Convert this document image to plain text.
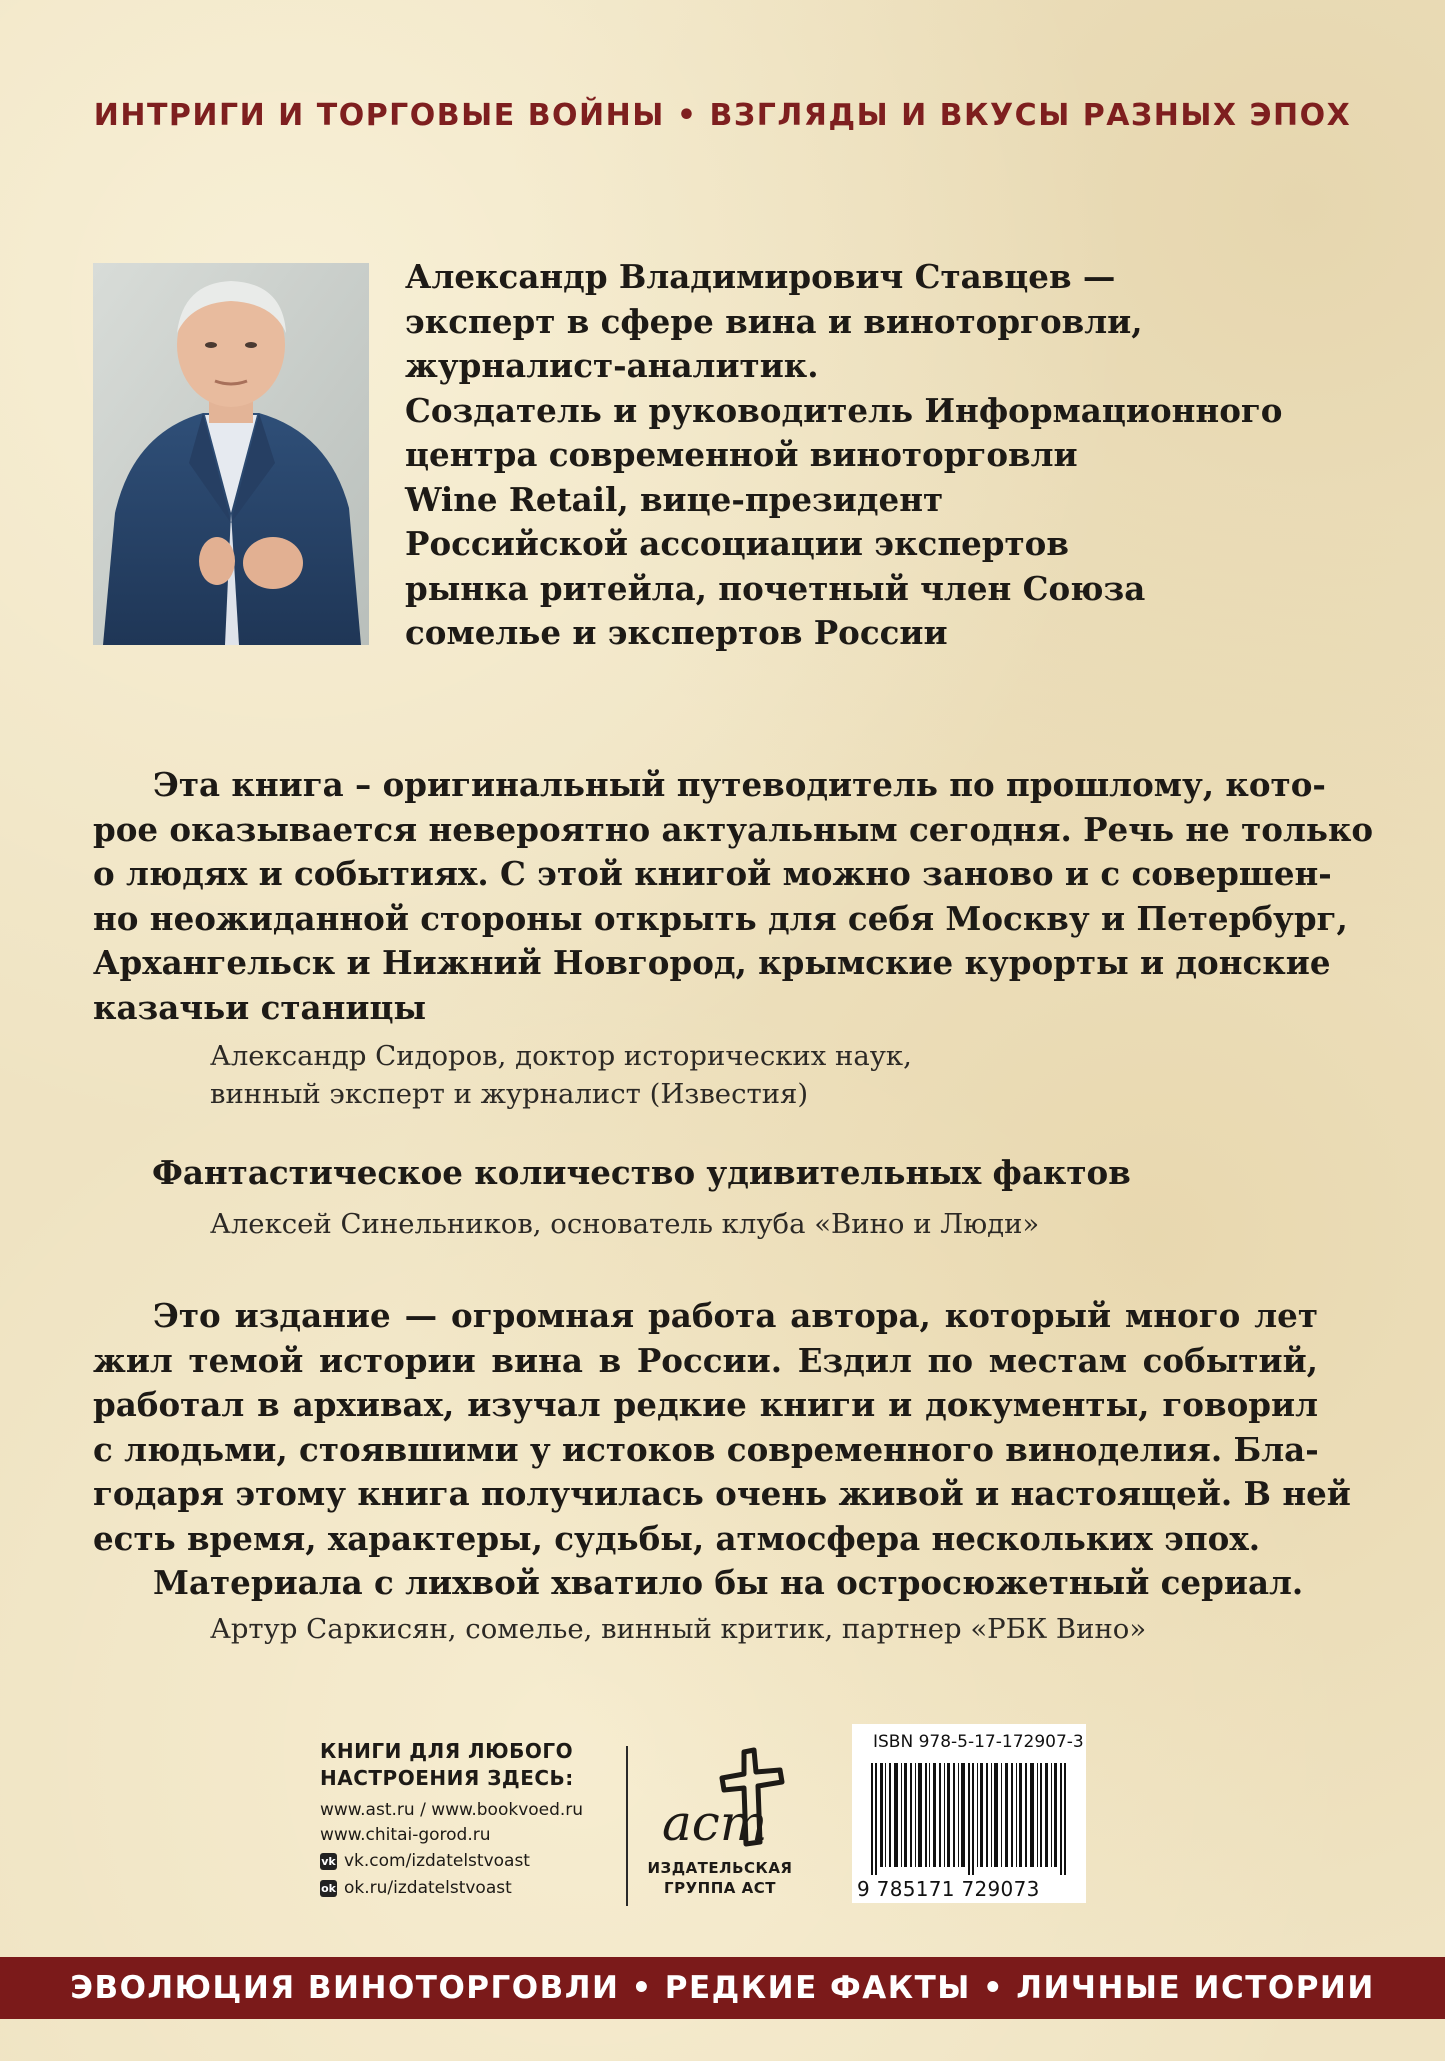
ИНТРИГИ И ТОРГОВЫЕ ВОЙНЫ • ВЗГЛЯДЫ И ВКУСЫ РАЗНЫХ ЭПОХ
Александр Владимирович Ставцев —
эксперт в сфере вина и виноторговли,
журналист-аналитик.
Создатель и руководитель Информационного
центра современной виноторговли
Wine Retail, вице-президент
Российской ассоциации экспертов
рынка ритейла, почетный член Союза
сомелье и экспертов России
Эта книга – оригинальный путеводитель по прошлому, кото-
рое оказывается невероятно актуальным сегодня. Речь не только
о людях и событиях. С этой книгой можно заново и с совершен-
но неожиданной стороны открыть для себя Москву и Петербург,
Архангельск и Нижний Новгород, крымские курорты и донские
казачьи станицы
Александр Сидоров, доктор исторических наук,
винный эксперт и журналист (Известия)
Фантастическое количество удивительных фактов
Алексей Синельников, основатель клуба «Вино и Люди»
Это издание — огромная работа автора, который много лет
жил темой истории вина в России. Ездил по местам событий,
работал в архивах, изучал редкие книги и документы, говорил
с людьми, стоявшими у истоков современного виноделия. Бла-
годаря этому книга получилась очень живой и настоящей. В ней
есть время, характеры, судьбы, атмосфера нескольких эпох.
Материала с лихвой хватило бы на остросюжетный сериал.
Артур Саркисян, сомелье, винный критик, партнер «РБК Вино»
КНИГИ ДЛЯ ЛЮБОГО
НАСТРОЕНИЯ ЗДЕСЬ:
www.ast.ru / www.bookvoed.ru
www.chitai-gorod.ru
vk vk.com/izdatelstvoast
ok ok.ru/izdatelstvoast
аст
ИЗДАТЕЛЬСКАЯ
ГРУППА АСТ
ISBN 978-5-17-172907-3
9 785171 729073
ЭВОЛЮЦИЯ ВИНОТОРГОВЛИ • РЕДКИЕ ФАКТЫ • ЛИЧНЫЕ ИСТОРИИ
